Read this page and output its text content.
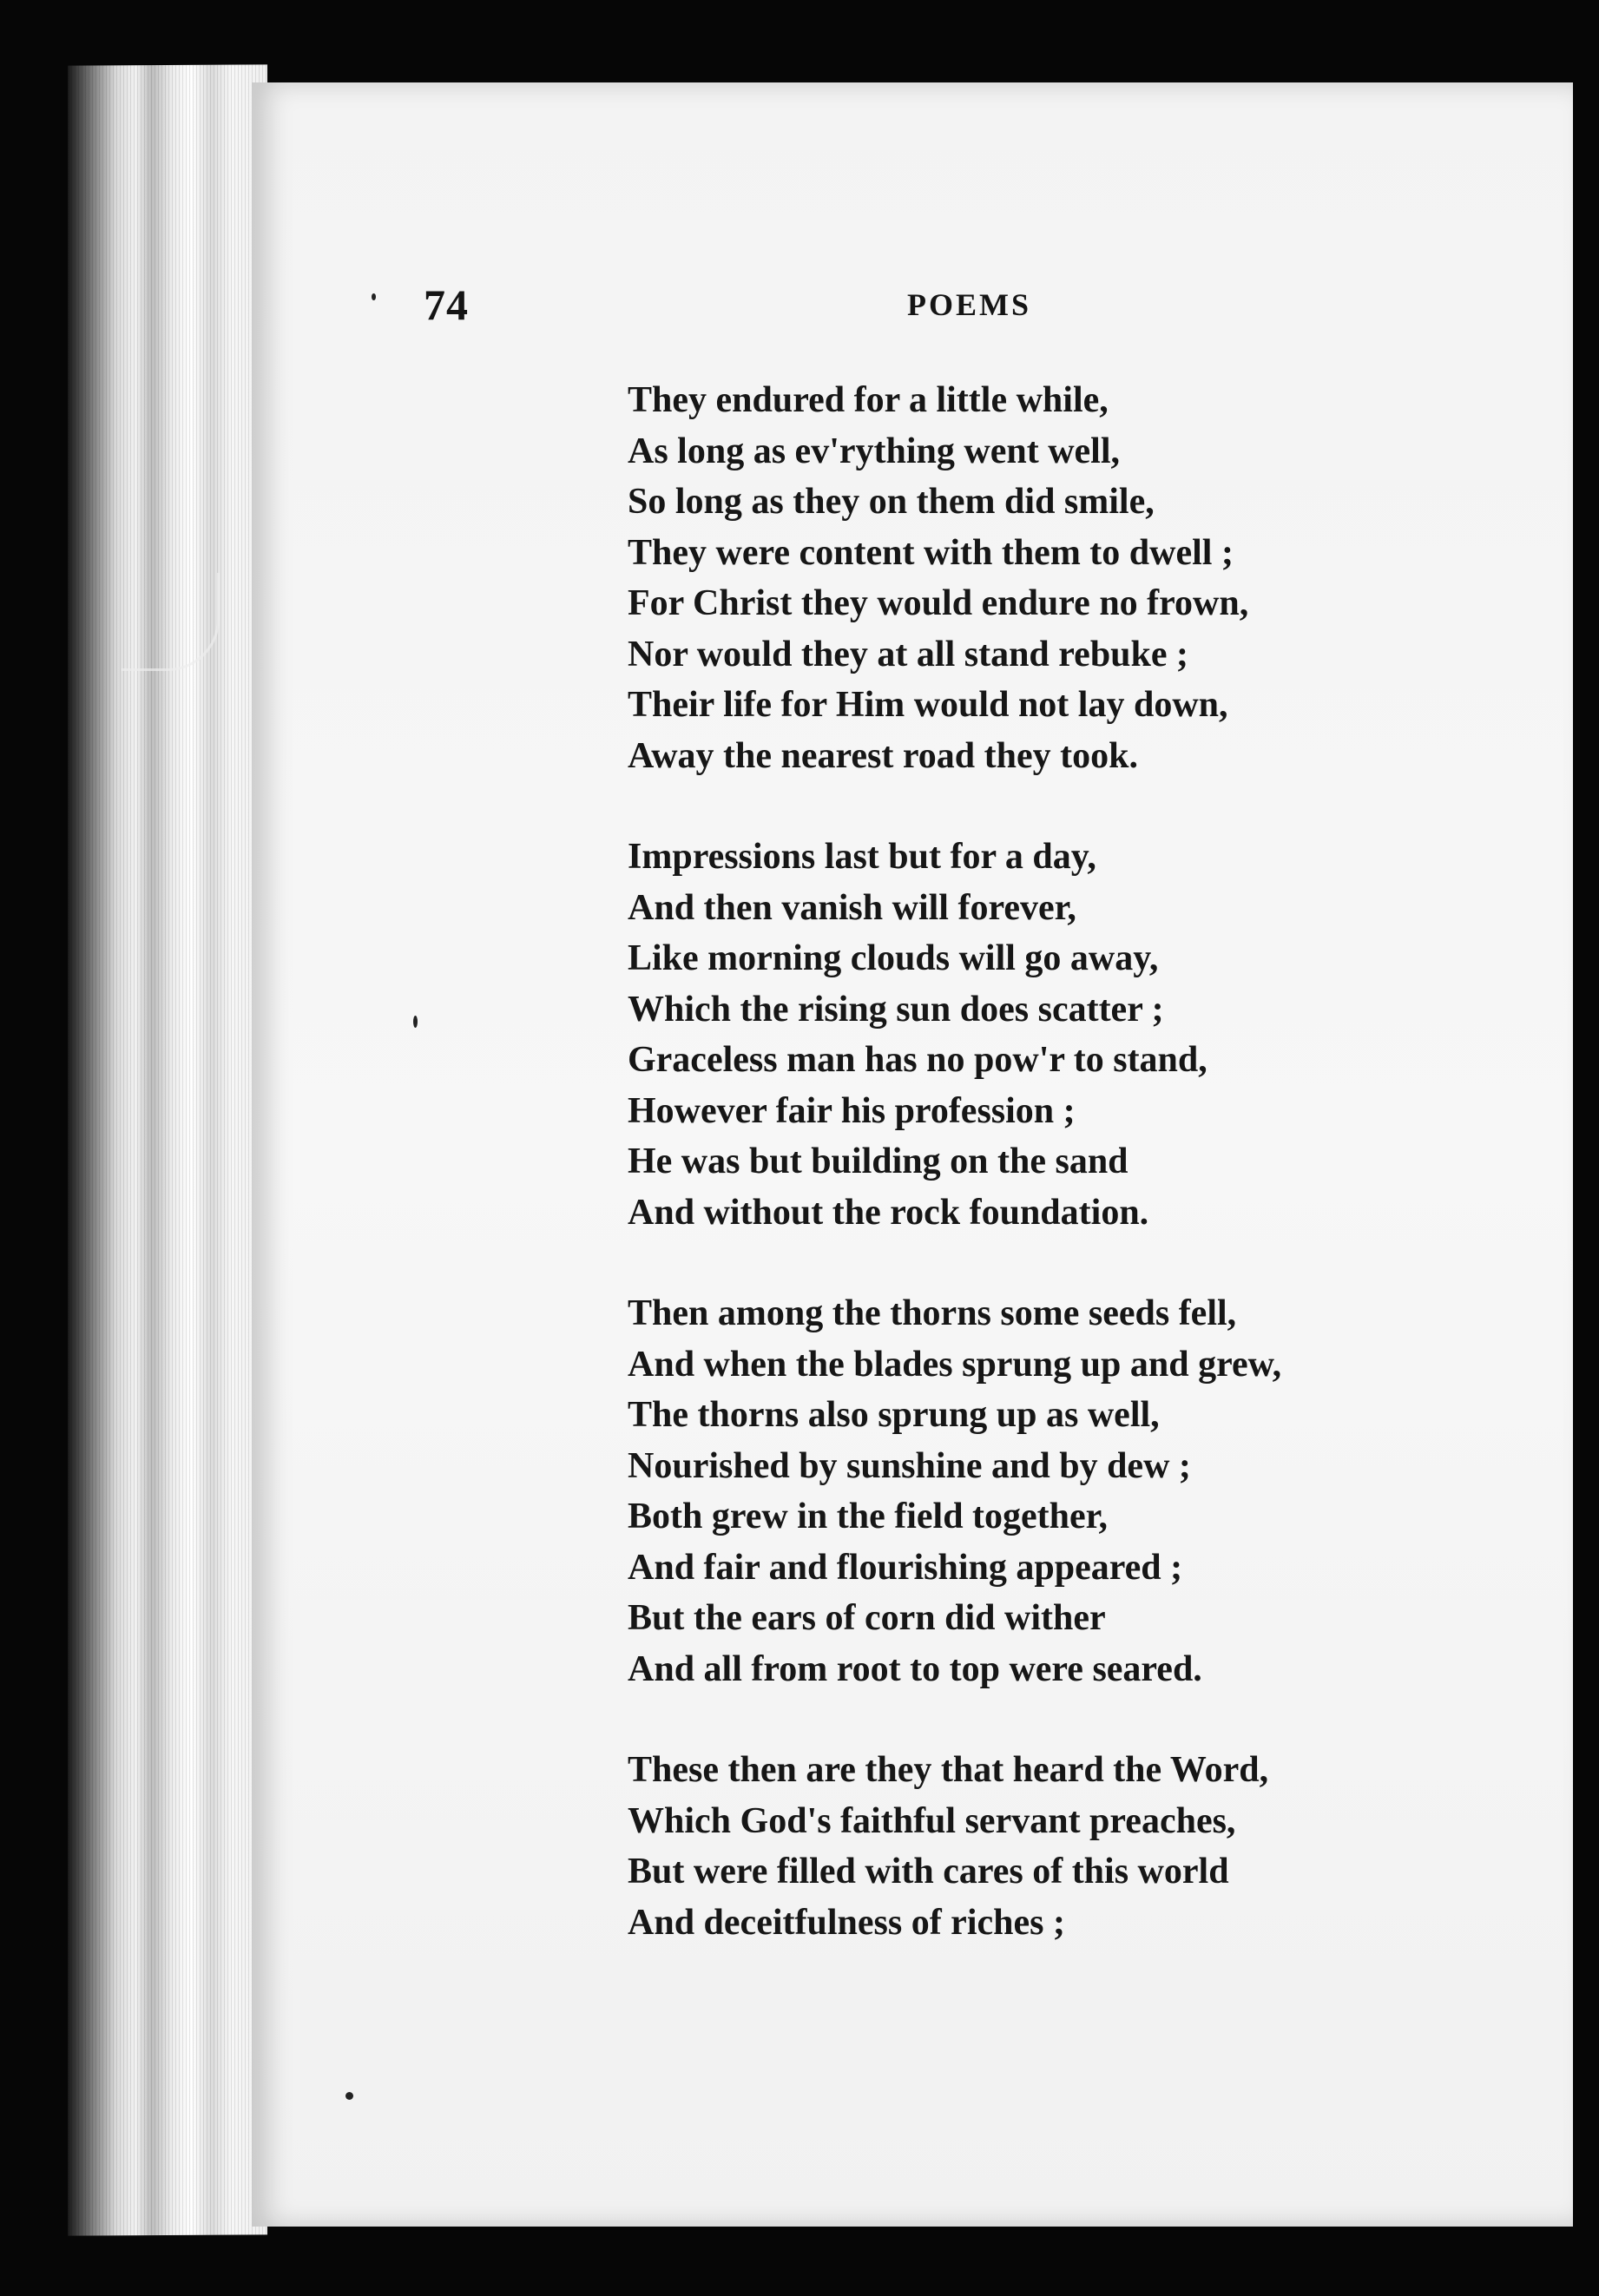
74	POEMS
They endured for a little while,
As long as ev'rything went well,
So long as they on them did smile,
They were content with them to dwell ;
For Christ they would endure no frown,
Nor would they at all stand rebuke ;
Their life for Him would not lay down,
Away the nearest road they took.
Impressions last but for a day,
And then vanish will forever,
Like morning clouds will go away,
Which the rising sun does scatter ;
Graceless man has no pow'r to stand,
However fair his profession ;
He was but building on the sand
And without the rock foundation.
Then among the thorns some seeds fell,
And when the blades sprung up and grew,
The thorns also sprung up as well,
Nourished by sunshine and by dew ;
Both grew in the field together,
And fair and flourishing appeared ;
But the ears of corn did wither
And all from root to top were seared.
These then are they that heard the Word,
Which God's faithful servant preaches,
But were filled with cares of this world
And deceitfulness of riches ;
